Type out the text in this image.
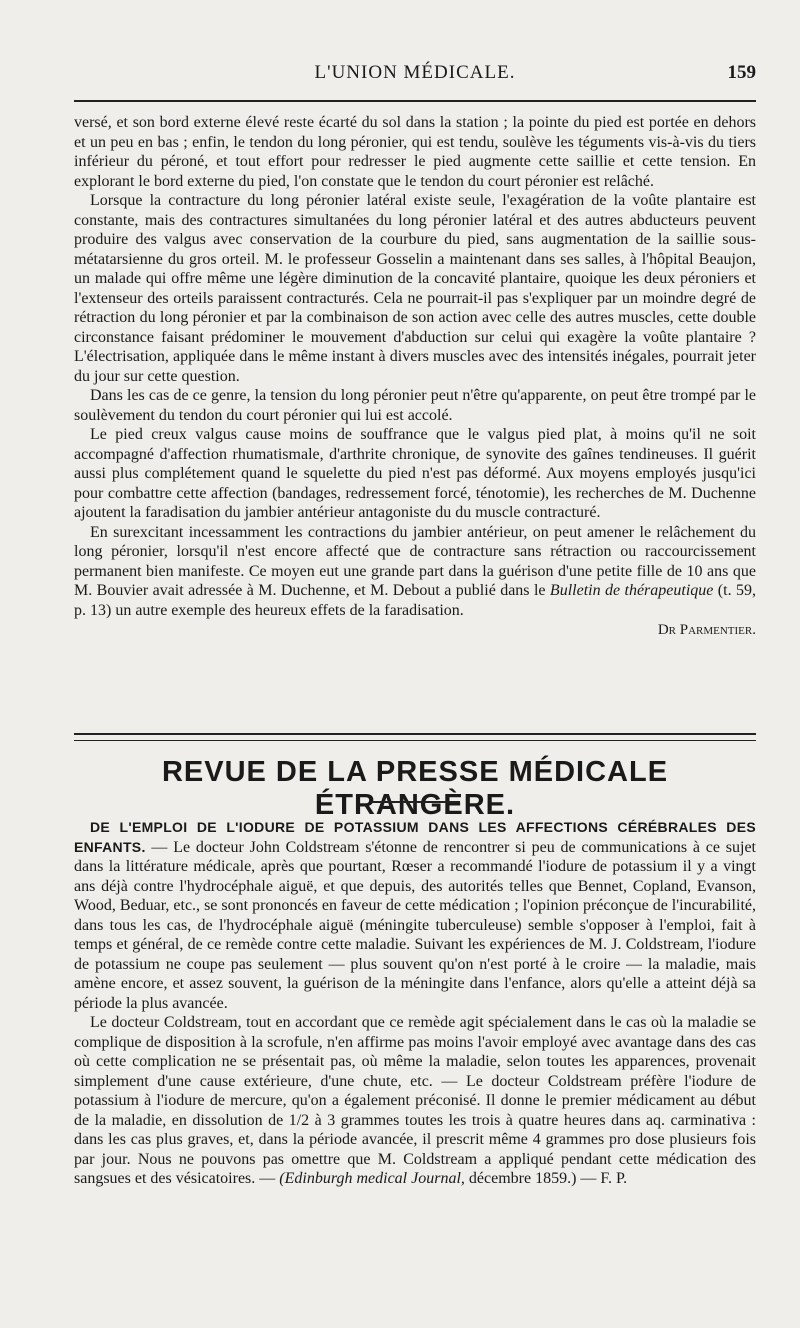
L'UNION MÉDICALE.	159

versé, et son bord externe élevé reste écarté du sol dans la station ; la pointe du pied est portée en dehors et un peu en bas ; enfin, le tendon du long péronier, qui est tendu, soulève les téguments vis-à-vis du tiers inférieur du péroné, et tout effort pour redresser le pied augmente cette saillie et cette tension. En explorant le bord externe du pied, l'on constate que le tendon du court péronier est relâché.

Lorsque la contracture du long péronier latéral existe seule, l'exagération de la voûte plantaire est constante, mais des contractures simultanées du long péronier latéral et des autres abducteurs peuvent produire des valgus avec conservation de la courbure du pied, sans augmentation de la saillie sous-métatarsienne du gros orteil. M. le professeur Gosselin a maintenant dans ses salles, à l'hôpital Beaujon, un malade qui offre même une légère diminution de la concavité plantaire, quoique les deux péroniers et l'extenseur des orteils paraissent contracturés. Cela ne pourrait-il pas s'expliquer par un moindre degré de rétraction du long péronier et par la combinaison de son action avec celle des autres muscles, cette double circonstance faisant prédominer le mouvement d'abduction sur celui qui exagère la voûte plantaire ? L'électrisation, appliquée dans le même instant à divers muscles avec des intensités inégales, pourrait jeter du jour sur cette question.

Dans les cas de ce genre, la tension du long péronier peut n'être qu'apparente, on peut être trompé par le soulèvement du tendon du court péronier qui lui est accolé.

Le pied creux valgus cause moins de souffrance que le valgus pied plat, à moins qu'il ne soit accompagné d'affection rhumatismale, d'arthrite chronique, de synovite des gaînes tendineuses. Il guérit aussi plus complétement quand le squelette du pied n'est pas déformé. Aux moyens employés jusqu'ici pour combattre cette affection (bandages, redressement forcé, ténotomie), les recherches de M. Duchenne ajoutent la faradisation du jambier antérieur antagoniste du du muscle contracturé.

En surexcitant incessamment les contractions du jambier antérieur, on peut amener le relâchement du long péronier, lorsqu'il n'est encore affecté que de contracture sans rétraction ou raccourcissement permanent bien manifeste. Ce moyen eut une grande part dans la guérison d'une petite fille de 10 ans que M. Bouvier avait adressée à M. Duchenne, et M. Debout a publié dans le Bulletin de thérapeutique (t. 59, p. 13) un autre exemple des heureux effets de la faradisation.

Dr Parmentier.
REVUE DE LA PRESSE MÉDICALE ÉTRANGÈRE.

DE L'EMPLOI DE L'IODURE DE POTASSIUM DANS LES AFFECTIONS CÉRÉBRALES DES ENFANTS. — Le docteur John Coldstream s'étonne de rencontrer si peu de communications à ce sujet dans la littérature médicale, après que pourtant, Rœser a recommandé l'iodure de potassium il y a vingt ans déjà contre l'hydrocéphale aiguë, et que depuis, des autorités telles que Bennet, Copland, Evanson, Wood, Beduar, etc., se sont prononcés en faveur de cette médication ; l'opinion préconçue de l'incurabilité, dans tous les cas, de l'hydrocéphale aiguë (méningite tuberculeuse) semble s'opposer à l'emploi, fait à temps et général, de ce remède contre cette maladie. Suivant les expériences de M. J. Coldstream, l'iodure de potassium ne coupe pas seulement — plus souvent qu'on n'est porté à le croire — la maladie, mais amène encore, et assez souvent, la guérison de la méningite dans l'enfance, alors qu'elle a atteint déjà sa période la plus avancée.

Le docteur Coldstream, tout en accordant que ce remède agit spécialement dans le cas où la maladie se complique de disposition à la scrofule, n'en affirme pas moins l'avoir employé avec avantage dans des cas où cette complication ne se présentait pas, où même la maladie, selon toutes les apparences, provenait simplement d'une cause extérieure, d'une chute, etc. — Le docteur Coldstream préfère l'iodure de potassium à l'iodure de mercure, qu'on a également préconisé. Il donne le premier médicament au début de la maladie, en dissolution de 1/2 à 3 grammes toutes les trois à quatre heures dans aq. carminativa : dans les cas plus graves, et, dans la période avancée, il prescrit même 4 grammes pro dose plusieurs fois par jour. Nous ne pouvons pas omettre que M. Coldstream a appliqué pendant cette médication des sangsues et des vésicatoires. — (Edinburgh medical Journal, décembre 1859.) — F. P.
